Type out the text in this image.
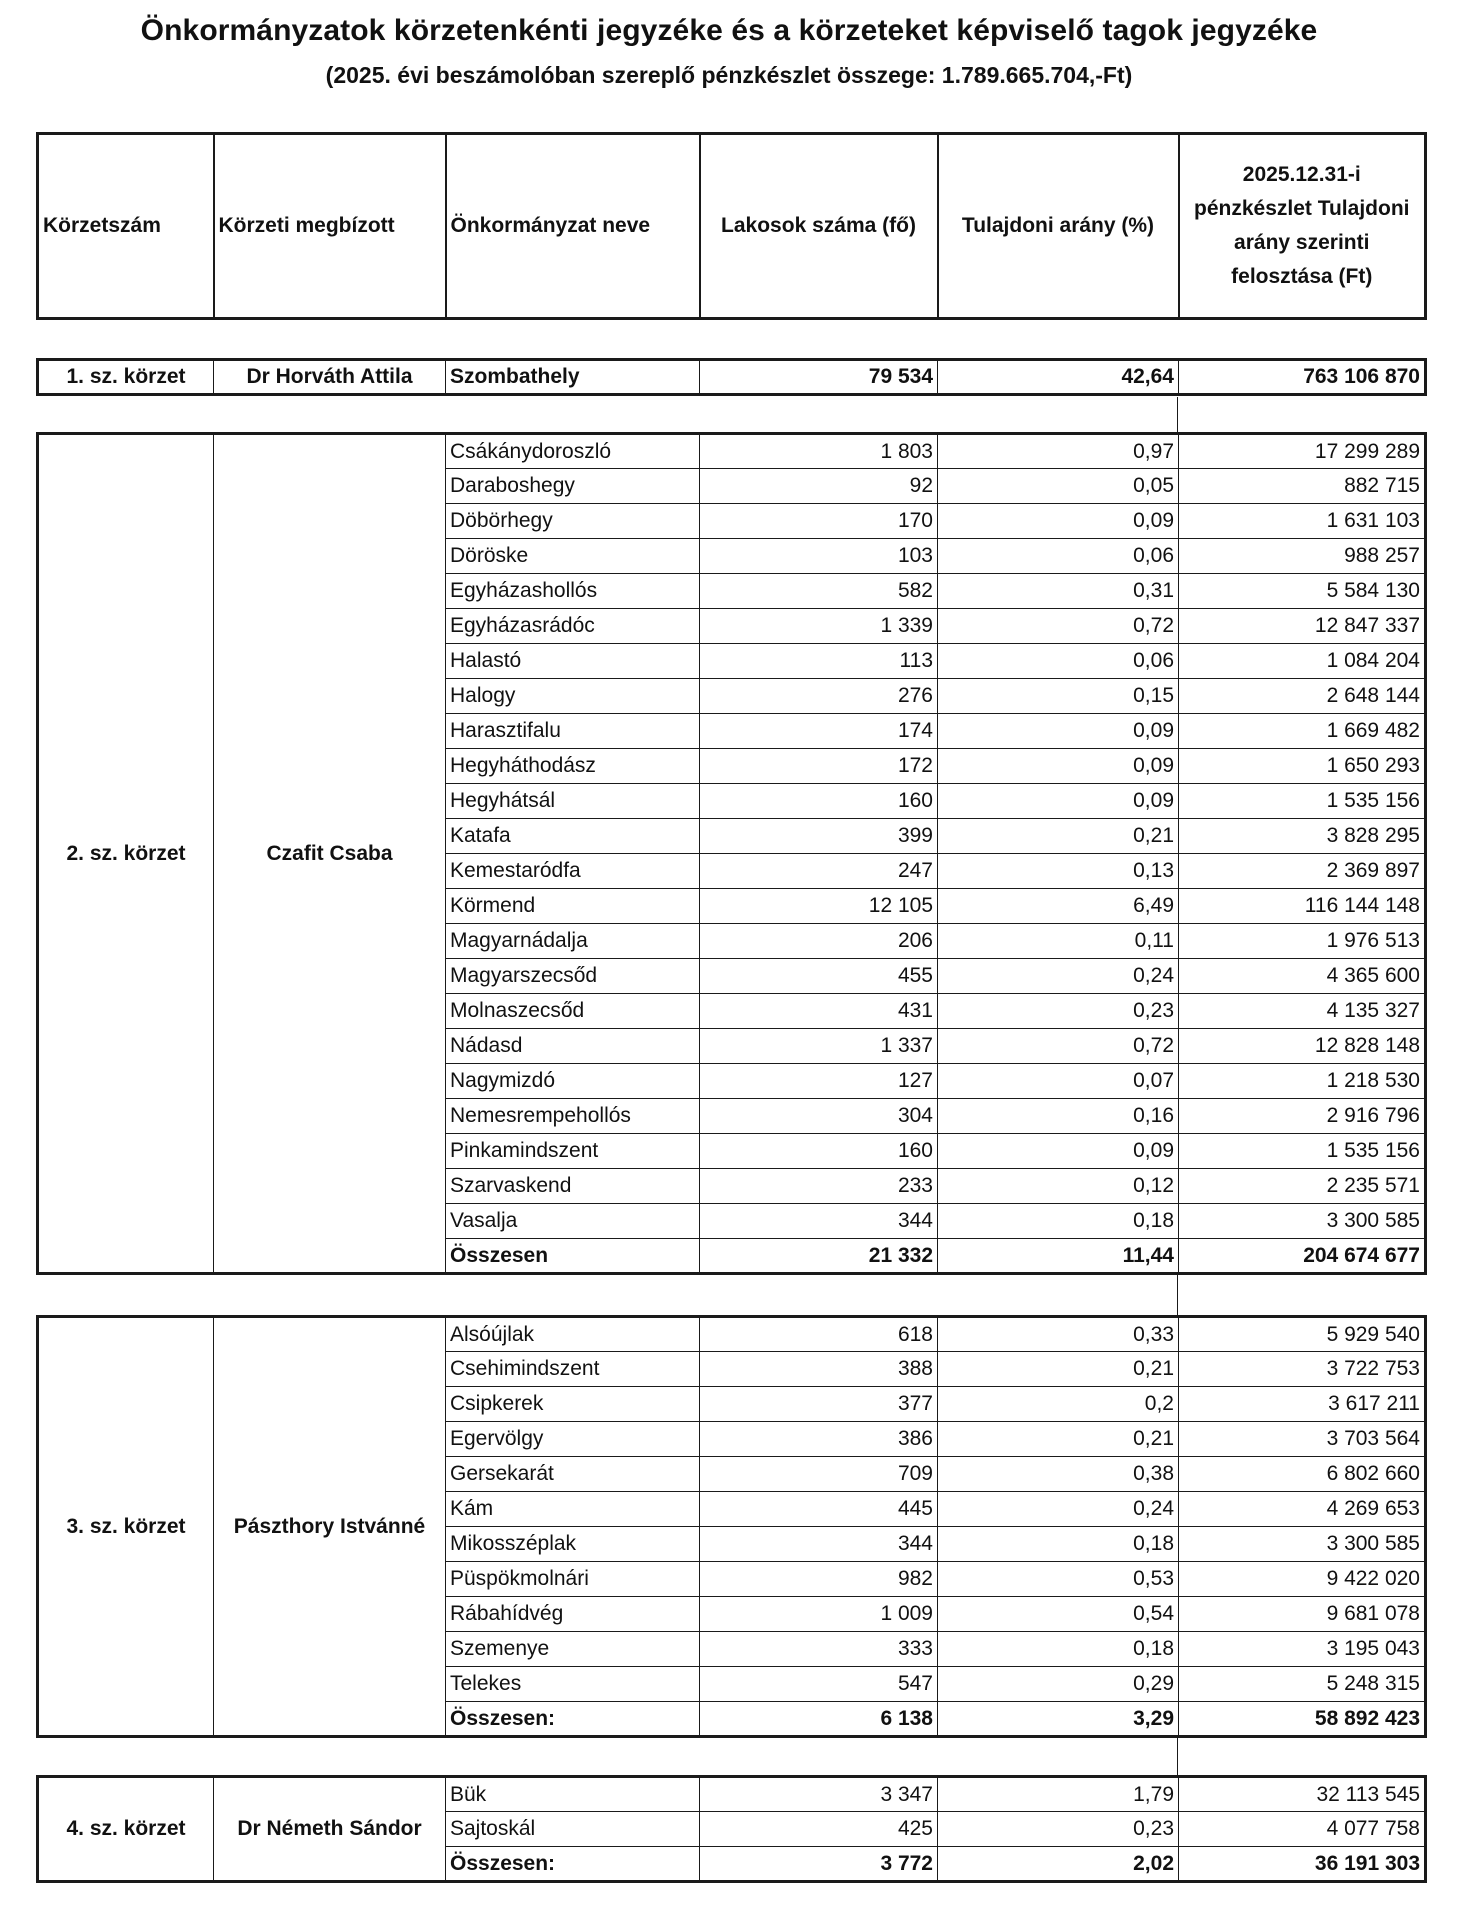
Önkormányzatok körzetenkénti jegyzéke és a körzeteket képviselő tagok jegyzéke
(2025. évi beszámolóban szereplő pénzkészlet összege: 1.789.665.704,-Ft)
Körzetszám	Körzeti megbízott	Önkormányzat neve	Lakosok száma (fő)	Tulajdoni arány (%)	2025.12.31-i pénzkészlet Tulajdoni arány szerinti felosztása (Ft)
1. sz. körzet	Dr Horváth Attila	Szombathely	79 534	42,64	763 106 870
2. sz. körzet	Czafit Csaba	Csákánydoroszló	1 803	0,97	17 299 289
		Daraboshegy	92	0,05	882 715
		Döbörhegy	170	0,09	1 631 103
		Döröske	103	0,06	988 257
		Egyházashollós	582	0,31	5 584 130
		Egyházasrádóc	1 339	0,72	12 847 337
		Halastó	113	0,06	1 084 204
		Halogy	276	0,15	2 648 144
		Harasztifalu	174	0,09	1 669 482
		Hegyháthodász	172	0,09	1 650 293
		Hegyhátsál	160	0,09	1 535 156
		Katafa	399	0,21	3 828 295
		Kemestaródfa	247	0,13	2 369 897
		Körmend	12 105	6,49	116 144 148
		Magyarnádalja	206	0,11	1 976 513
		Magyarszecsőd	455	0,24	4 365 600
		Molnaszecsőd	431	0,23	4 135 327
		Nádasd	1 337	0,72	12 828 148
		Nagymizdó	127	0,07	1 218 530
		Nemesrempehollós	304	0,16	2 916 796
		Pinkamindszent	160	0,09	1 535 156
		Szarvaskend	233	0,12	2 235 571
		Vasalja	344	0,18	3 300 585
		Összesen	21 332	11,44	204 674 677
3. sz. körzet	Pászthory Istvánné	Alsóújlak	618	0,33	5 929 540
		Csehimindszent	388	0,21	3 722 753
		Csipkerek	377	0,2	3 617 211
		Egervölgy	386	0,21	3 703 564
		Gersekarát	709	0,38	6 802 660
		Kám	445	0,24	4 269 653
		Mikosszéplak	344	0,18	3 300 585
		Püspökmolnári	982	0,53	9 422 020
		Rábahídvég	1 009	0,54	9 681 078
		Szemenye	333	0,18	3 195 043
		Telekes	547	0,29	5 248 315
		Összesen:	6 138	3,29	58 892 423
4. sz. körzet	Dr Németh Sándor	Bük	3 347	1,79	32 113 545
		Sajtoskál	425	0,23	4 077 758
		Összesen:	3 772	2,02	36 191 303
